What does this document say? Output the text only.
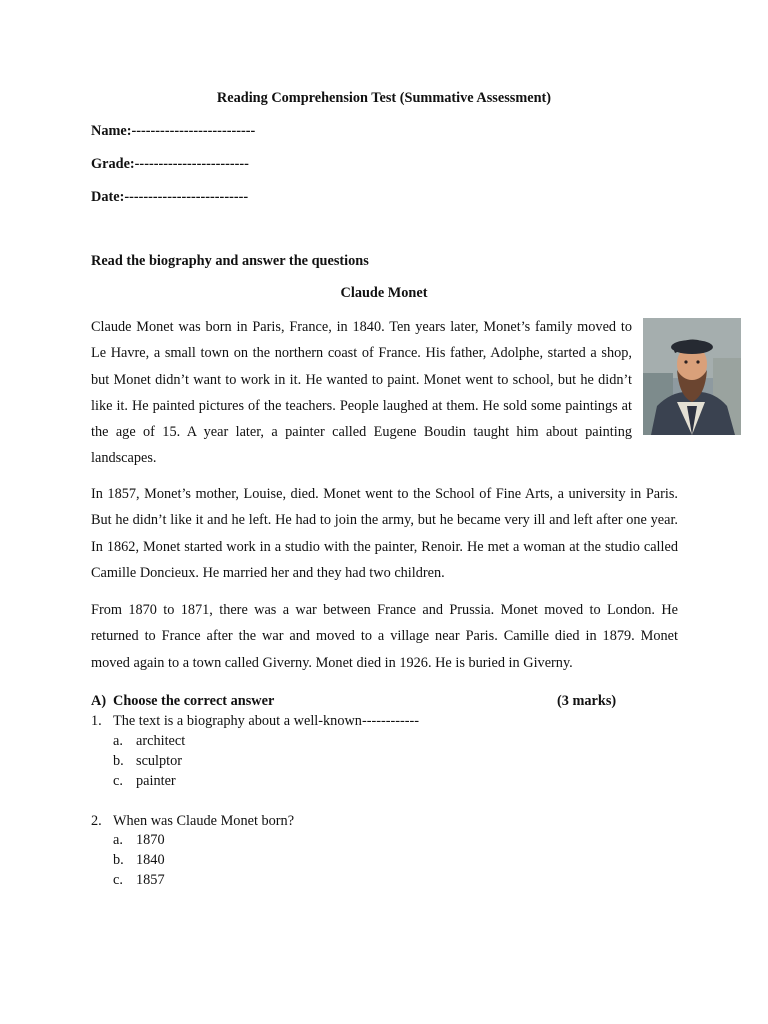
Reading Comprehension Test (Summative Assessment)
Name:--------------------------
Grade:------------------------
Date:--------------------------
Read the biography and answer the questions
Claude Monet

Claude Monet was born in Paris, France, in 1840. Ten years later, Monet’s family moved to Le Havre, a small town on the northern coast of France. His father, Adolphe, started a shop, but Monet didn’t want to work in it. He wanted to paint. Monet went to school, but he didn’t like it. He painted pictures of the teachers. People laughed at them. He sold some paintings at the age of 15. A year later, a painter called Eugene Boudin taught him about painting landscapes.

In 1857, Monet’s mother, Louise, died. Monet went to the School of Fine Arts, a university in Paris. But he didn’t like it and he left. He had to join the army, but he became very ill and left after one year. In 1862, Monet started work in a studio with the painter, Renoir. He met a woman at the studio called Camille Doncieux. He married her and they had two children.

From 1870 to 1871, there was a war between France and Prussia. Monet moved to London. He returned to France after the war and moved to a village near Paris. Camille died in 1879. Monet moved again to a town called Giverny. Monet died in 1926. He is buried in Giverny.

A) Choose the correct answer	(3 marks)
1. The text is a biography about a well-known------------
a. architect
b. sculptor
c. painter
2. When was Claude Monet born?
a. 1870
b. 1840
c. 1857
